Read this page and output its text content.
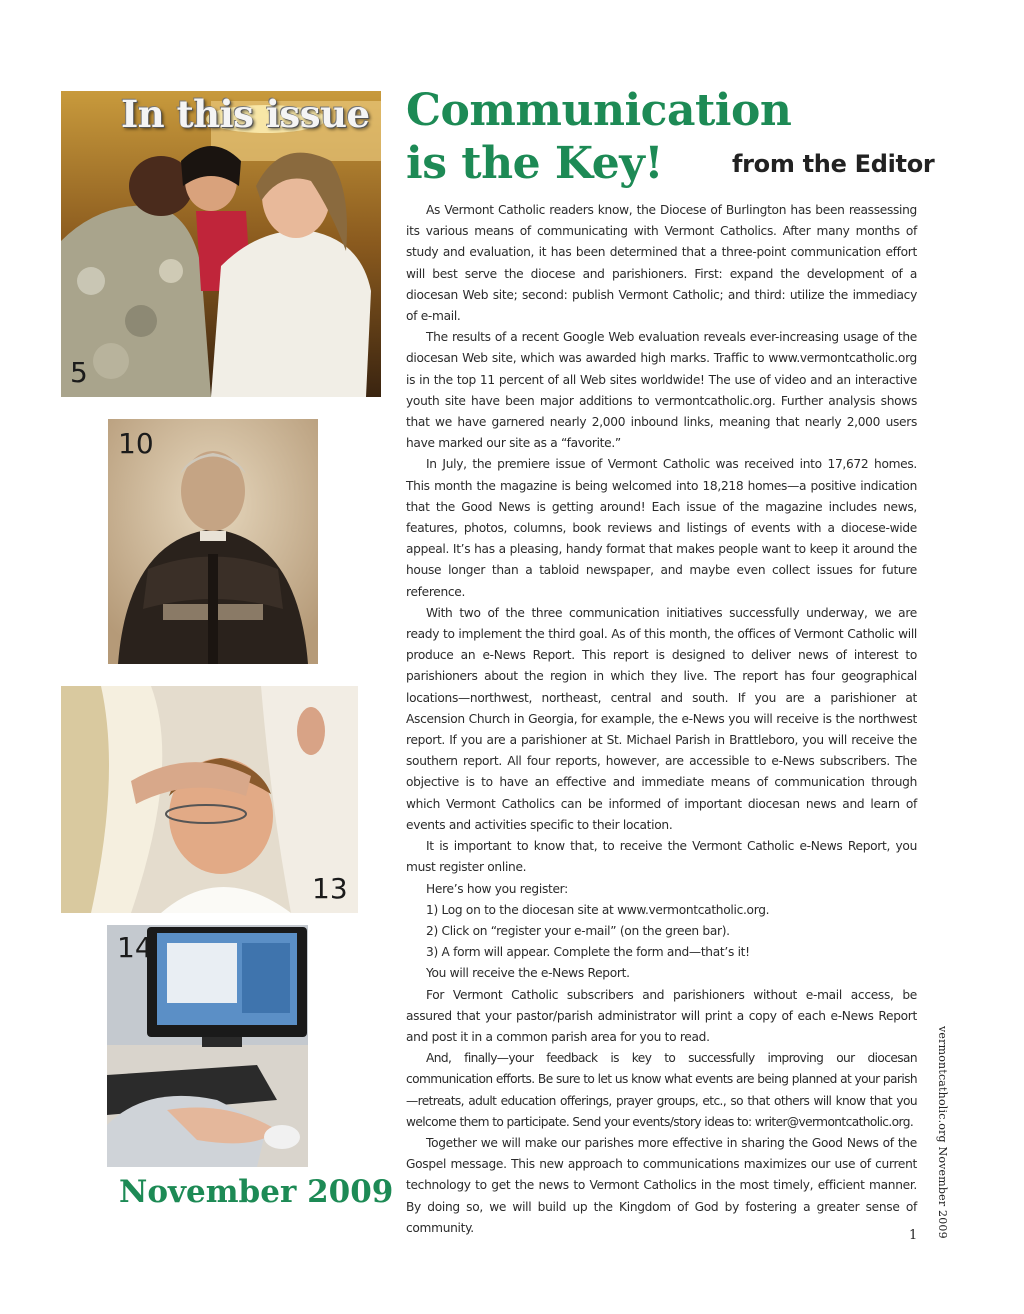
In this issue
5
10
13
14

November 2009

Communication
is the Key!	from the Editor

As Vermont Catholic readers know, the Diocese of Burlington has been reassessing its various means of communicating with Vermont Catholics. After many months of study and evaluation, it has been determined that a three-point communication effort will best serve the diocese and parishioners. First: expand the development of a diocesan Web site; second: publish Vermont Catholic; and third: utilize the immediacy of e-mail.

The results of a recent Google Web evaluation reveals ever-increasing usage of the diocesan Web site, which was awarded high marks. Traffic to www.vermontcatholic.org is in the top 11 percent of all Web sites worldwide! The use of video and an interactive youth site have been major additions to vermontcatholic.org. Further analysis shows that we have garnered nearly 2,000 inbound links, meaning that nearly 2,000 users have marked our site as a “favorite.”

In July, the premiere issue of Vermont Catholic was received into 17,672 homes. This month the magazine is being welcomed into 18,218 homes—a positive indication that the Good News is getting around! Each issue of the magazine includes news, features, photos, columns, book reviews and listings of events with a diocese-wide appeal. It’s has a pleasing, handy format that makes people want to keep it around the house longer than a tabloid newspaper, and maybe even collect issues for future reference.

With two of the three communication initiatives successfully underway, we are ready to implement the third goal. As of this month, the offices of Vermont Catholic will produce an e-News Report. This report is designed to deliver news of interest to parishioners about the region in which they live. The report has four geographical locations—northwest, northeast, central and south. If you are a parishioner at Ascension Church in Georgia, for example, the e-News you will receive is the northwest report. If you are a parishioner at St. Michael Parish in Brattleboro, you will receive the southern report. All four reports, however, are accessible to e-News subscribers. The objective is to have an effective and immediate means of communication through which Vermont Catholics can be informed of important diocesan news and learn of events and activities specific to their location.

It is important to know that, to receive the Vermont Catholic e-News Report, you must register online.

Here’s how you register:

1) Log on to the diocesan site at www.vermontcatholic.org.

2) Click on “register your e-mail” (on the green bar).

3) A form will appear. Complete the form and—that’s it!

You will receive the e-News Report.

For Vermont Catholic subscribers and parishioners without e-mail access, be assured that your pastor/parish administrator will print a copy of each e-News Report and post it in a common parish area for you to read.

And, finally—your feedback is key to successfully improving our diocesan communication efforts. Be sure to let us know what events are being planned at your parish—retreats, adult education offerings, prayer groups, etc., so that others will know that you welcome them to participate. Send your events/story ideas to: writer@vermontcatholic.org.

Together we will make our parishes more effective in sharing the Good News of the Gospel message. This new approach to communications maximizes our use of current technology to get the news to Vermont Catholics in the most timely, efficient manner. By doing so, we will build up the Kingdom of God by fostering a greater sense of community.	vermontcatholic.org November 2009
1
